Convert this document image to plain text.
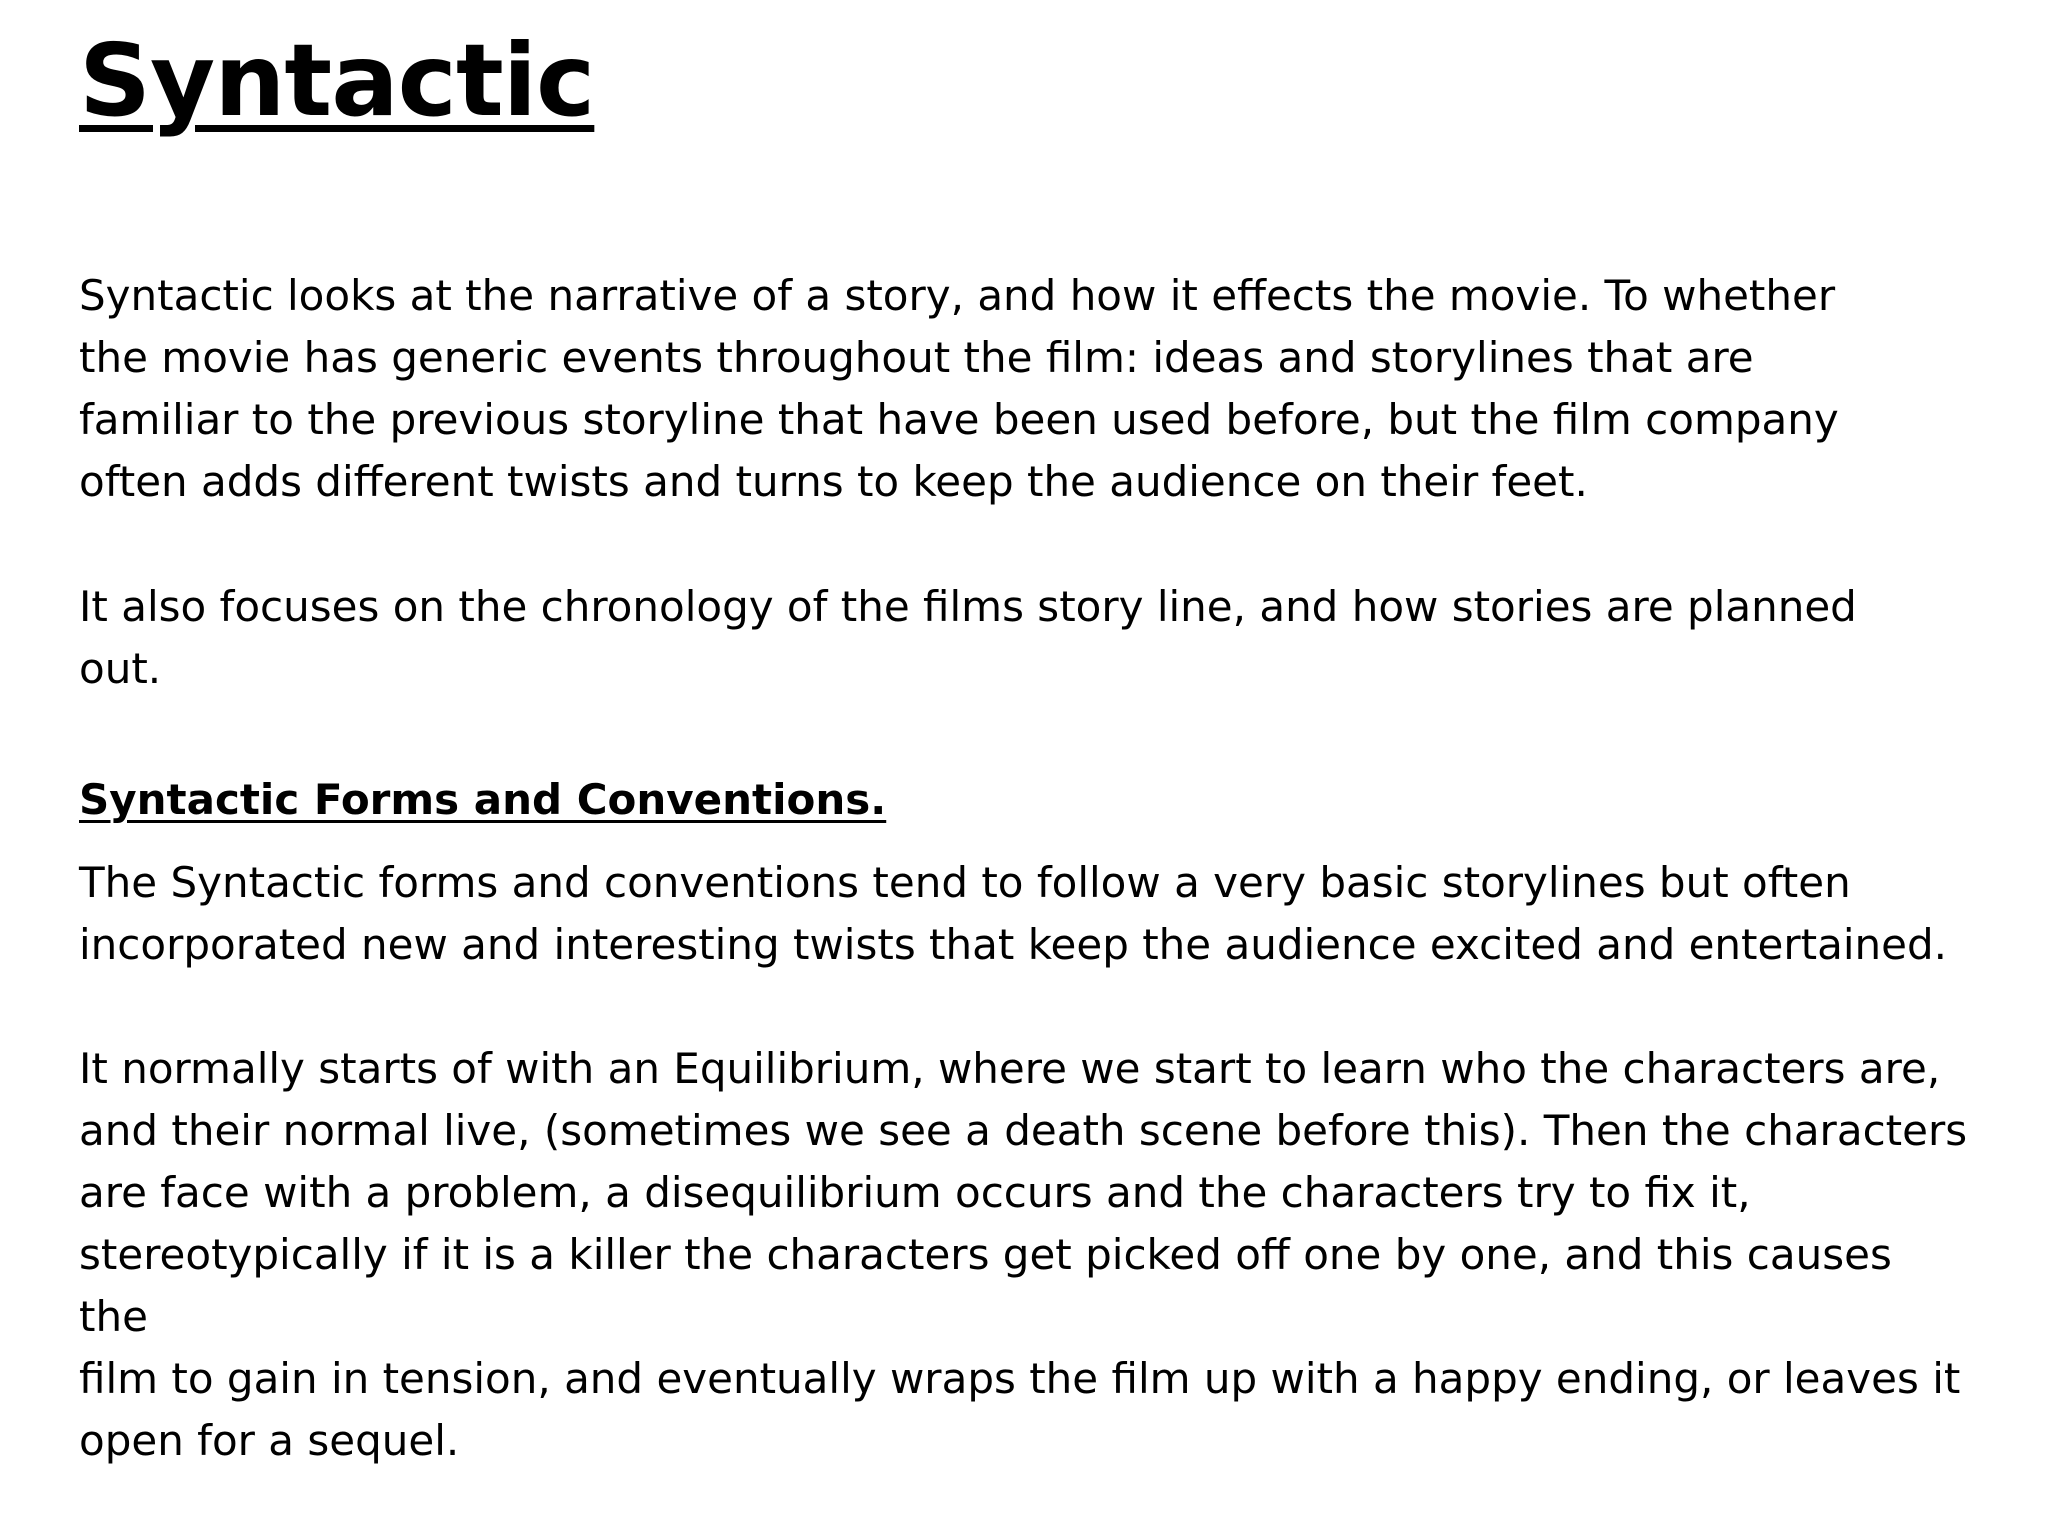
Syntactic

Syntactic looks at the narrative of a story, and how it effects the movie. To whether
the movie has generic events throughout the film: ideas and storylines that are
familiar to the previous storyline that have been used before, but the film company
often adds different twists and turns to keep the audience on their feet.

It also focuses on the chronology of the films story line, and how stories are planned
out.

Syntactic Forms and Conventions.

The Syntactic forms and conventions tend to follow a very basic storylines but often
incorporated new and interesting twists that keep the audience excited and entertained.

It normally starts of with an Equilibrium, where we start to learn who the characters are,
and their normal live, (sometimes we see a death scene before this). Then the characters
are face with a problem, a disequilibrium occurs and the characters try to fix it,
stereotypically if it is a killer the characters get picked off one by one, and this causes the
film to gain in tension, and eventually wraps the film up with a happy ending, or leaves it
open for a sequel.
